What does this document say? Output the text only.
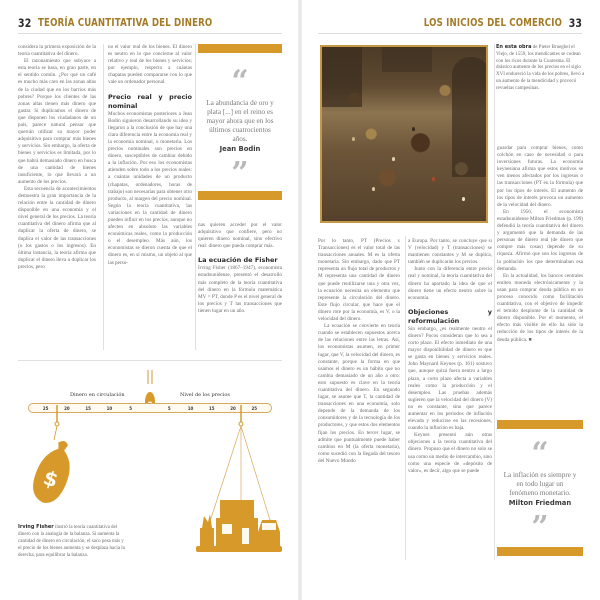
32 TEORÍA CUANTITATIVA DEL DINERO

considera la primera exposición de la teoría cuantitativa del dinero.

El razonamiento que subyace a esta teoría se basa, en gran parte, en el sentido común. ¿Por qué un café es mucho más caro en las zonas altas de la ciudad que en los barrios más pobres? Porque los clientes de las zonas altas tienen más dinero que gastar. Si duplicamos el dinero de que disponen los ciudadanos de un país, parece natural pensar que querrán utilizar su mayor poder adquisitivo para comprar más bienes y servicios. Sin embargo, la oferta de bienes y servicios es limitada, por lo que habrá demasiado dinero en busca de una cantidad de bienes insuficiente, lo que llevará a un aumento de los precios.

Esta secuencia de acontecimientos demuestra la gran importancia de la relación entre la cantidad de dinero disponible en una economía y el nivel general de los precios. La teoría cuantitativa del dinero afirma que al duplicar la oferta de dinero, se duplica el valor de las transacciones (o los gastos o los ingresos). En última instancia, la teoría afirma que duplicar el dinero lleva a duplicar los precios, pero

no el valor real de los bienes. El dinero es neutro en lo que concierne al valor relativo y real de los bienes y servicios; por ejemplo, respecto a cuántas chapatas pueden compararse con lo que vale un ordenador personal.

Precio real y precio nominal

Muchos economistas posteriores a Jean Bodin siguieron desarrollando su idea y llegaron a la conclusión de que hay una clara diferencia entre la economía real y la economía nominal, o monetaria. Los precios nominales son precios en dinero, susceptibles de cambiar debido a la inflación. Por eso los economistas atienden sobre todo a los precios reales: a cuántas unidades de un producto (chapatas, ordenadores, horas de trabajo) son necesarias para obtener otro producto, al margen del precio nominal. Según la teoría cuantitativa, las variaciones en la cantidad de dinero pueden influir en los precios, aunque no afecten en absoluto las variables económicas reales, como la producción o el desempleo. Más aún, los economistas se dieron cuenta de que el dinero es, en sí mismo, un objeto al que las perso-

“
La abundancia de oro y plata [...] en el reino es mayor ahora que en los últimos cuatrocientos años.
Jean Bodin
”

nas quieren acceder por el valor adquisitivo que confiere, pero no quieren dinero nominal, sino efectivo real: dinero que pueda comprar más.

La ecuación de Fisher

Irving Fisher (1867–1947), economista estadounidense, presentó el desarrollo más completo de la teoría cuantitativa del dinero en la fórmula matemática MV = PT, donde P es el nivel general de los precios y T las transacciones que tienen lugar en un año.

Dinero en circulación	Nivel de los precios
25	20	15	10	5	5	10	15	20	25
$
Irving Fisher ilustró la teoría cuantitativa del dinero con la analogía de la balanza. Si aumenta la cantidad de dinero en circulación, el saco pesa más y el precio de los bienes aumenta y se desplaza hacia la derecha, para equilibrar la balanza.
LOS INICIOS DEL COMERCIO 33
En esta obra de Pieter Brueghel el Viejo, de 1559, los mendicantes se codean con los ricos durante la Cuaresma. El drástico aumento de los precios en el siglo XVI endureció la vida de los pobres, llevó a un aumento de la mendicidad y provocó revueltas campesinas.

Por lo tanto, PT (Precios x Transacciones) es el valor total de las transacciones anuales. M es la oferta monetaria. Sin embargo, dado que PT representa un flujo total de productos y M representa una cantidad de dinero que puede reutilizarse una y otra vez, la ecuación necesita un elemento que represente la circulación del dinero. Este flujo circular, que hace que el dinero rote por la economía, es V, o la velocidad del dinero.

La ecuación se convierte en teoría cuando se establecen supuestos acerca de las relaciones entre las letras. Así, los economistas asumen, en primer lugar, que V, la velocidad del dinero, es constante, porque la forma en que usamos el dinero es un hábito que no cambia demasiado de un año a otro: esto supuesto es clave en la teoría cuantitativa del dinero. En segundo lugar, se asume que T, la cantidad de transacciones en una economía, solo depende de la demanda de los consumidores y de la tecnología de los productores, y que estos dos elementos fijan los precios. En tercer lugar, se admite que puntualmente puede haber cambios en M (la oferta monetaria), como sucedió con la llegada del tesoro del Nuevo Mundo

a Europa. Por tanto, se concluye que si V (velocidad) y T (transacciones) se mantienen constantes y M se duplica, también se duplicarán los precios.

Junto con la diferencia entre precio real y nominal, la teoría cuantitativa del dinero ha aportado la idea de que el dinero tiene un efecto neutro sobre la economía.

Objeciones y reformulación

Sin embargo, ¿es realmente neutro el dinero? Pocos consideran que lo sea a corto plazo. El efecto inmediato de una mayor disponibilidad de dinero es que se gasta en bienes y servicios reales. John Maynard Keynes (p. 161) sostuvo que, aunque quizá fuera neutro a largo plazo, a corto plazo afecta a variables reales como la producción y el desempleo. Las pruebas además sugieren que la velocidad del dinero (V) no es constante, sino que parece aumentar en los periodos de inflación elevada y reducirse en las recesiones, cuando la inflación es baja.

Keynes presentó aún otras objeciones a la teoría cuantitativa del dinero. Propuso que el dinero no solo se usa como un medio de intercambio, sino como una especie de «depósito de valor», es decir, algo que se puede

guardar para comprar bienes, como colchón en caso de necesidad o para inversiones futuras. La economía keynesiana afirma que estos motivos se ven menos afectados por los ingresos o las transacciones (PT en la fórmula) que por los tipos de interés. El aumento de los tipos de interés provoca un aumento de la velocidad del dinero.

En 1956, el economista estadounidense Milton Friedman (p. 199) defendió la teoría cuantitativa del dinero y argumentó que la demanda de las personas de dinero real (de dinero que compre más cosas) depende de su riqueza. Afirmó que son los ingresos de la población los que determinaban esa demanda.

En la actualidad, los bancos centrales emiten moneda electrónicamente y la usan para comprar deuda pública en un proceso conocido como facilitación cuantitativa, con el objetivo de impedir el temido desplome de la cantidad de dinero disponible. Por el momento, el efecto más visible de ello ha sido la reducción de los tipos de interés de la deuda pública. ■

“
La inflación es siempre y en todo lugar un fenómeno monetario.
Milton Friedman
”
